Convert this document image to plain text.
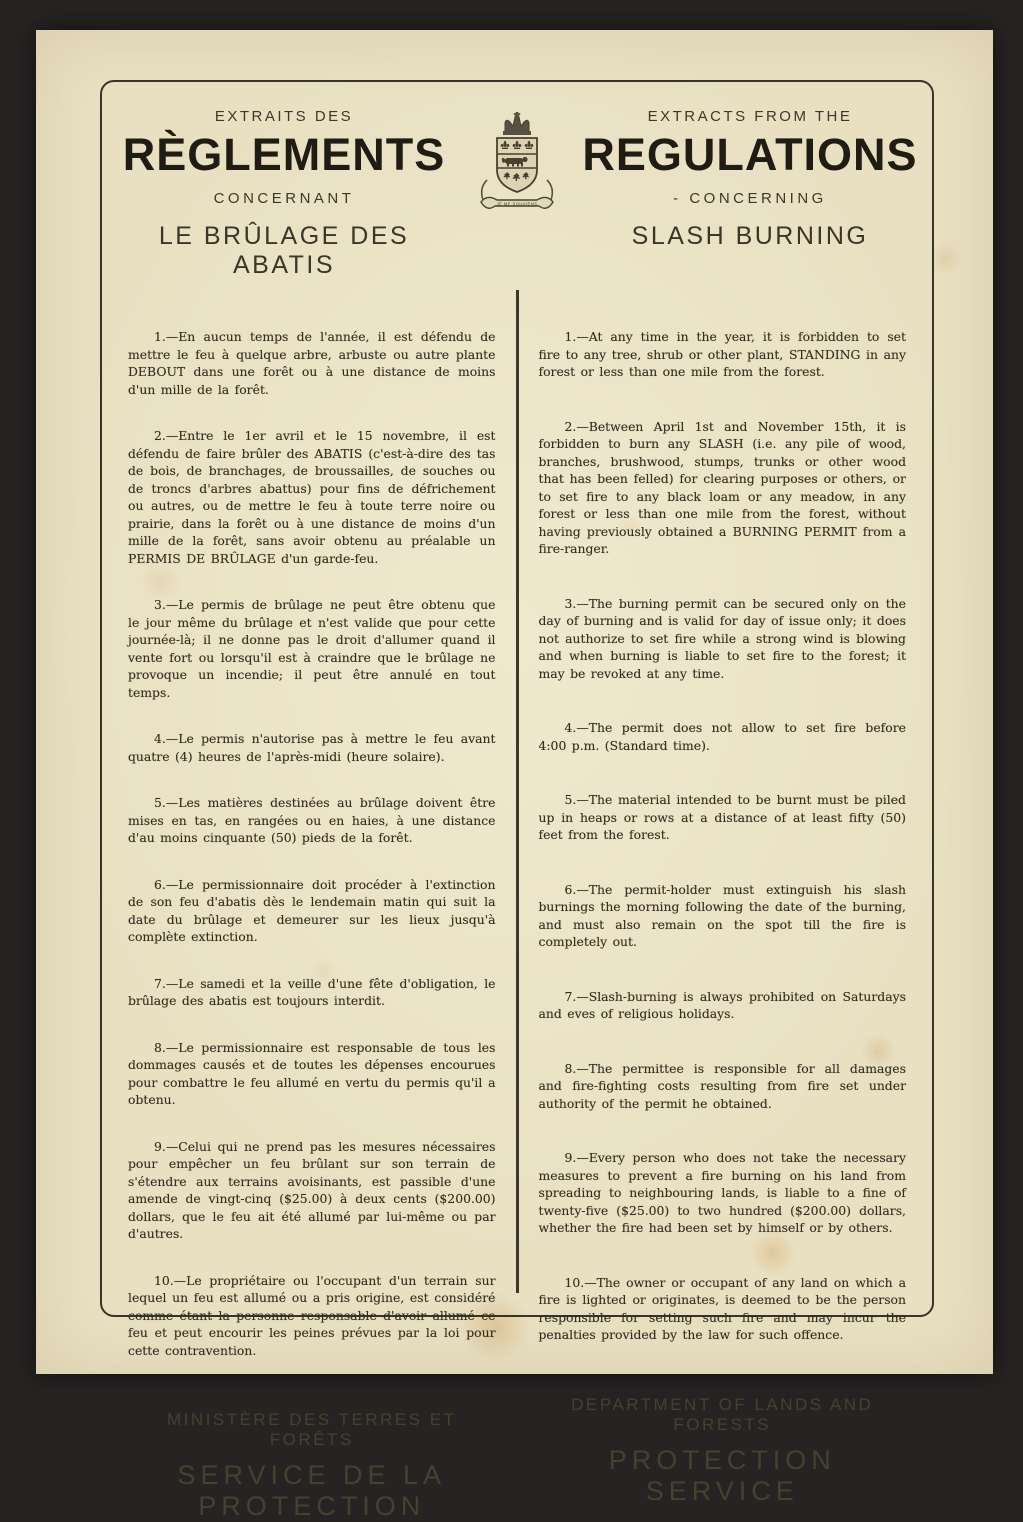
EXTRAITS DES
RÈGLEMENTS
CONCERNANT
LE BRÛLAGE DES ABATIS
JE ME SOUVIENS
EXTRACTS FROM THE
REGULATIONS
- CONCERNING
SLASH BURNING

1.—En aucun temps de l'année, il est défendu de mettre le feu à quelque arbre, arbuste ou autre plante DEBOUT dans une forêt ou à une distance de moins d'un mille de la forêt.

2.—Entre le 1er avril et le 15 novembre, il est défendu de faire brûler des ABATIS (c'est-à-dire des tas de bois, de branchages, de broussailles, de souches ou de troncs d'arbres abattus) pour fins de défrichement ou autres, ou de mettre le feu à toute terre noire ou prairie, dans la forêt ou à une distance de moins d'un mille de la forêt, sans avoir obtenu au préalable un PERMIS DE BRÛLAGE d'un garde-feu.

3.—Le permis de brûlage ne peut être obtenu que le jour même du brûlage et n'est valide que pour cette journée-là; il ne donne pas le droit d'allumer quand il vente fort ou lorsqu'il est à craindre que le brûlage ne provoque un incendie; il peut être annulé en tout temps.

4.—Le permis n'autorise pas à mettre le feu avant quatre (4) heures de l'après-midi (heure solaire).

5.—Les matières destinées au brûlage doivent être mises en tas, en rangées ou en haies, à une distance d'au moins cinquante (50) pieds de la forêt.

6.—Le permissionnaire doit procéder à l'extinction de son feu d'abatis dès le lendemain matin qui suit la date du brûlage et demeurer sur les lieux jusqu'à complète extinction.

7.—Le samedi et la veille d'une fête d'obligation, le brûlage des abatis est toujours interdit.

8.—Le permissionnaire est responsable de tous les dommages causés et de toutes les dépenses encourues pour combattre le feu allumé en vertu du permis qu'il a obtenu.

9.—Celui qui ne prend pas les mesures nécessaires pour empêcher un feu brûlant sur son terrain de s'étendre aux terrains avoisinants, est passible d'une amende de vingt-cinq ($25.00) à deux cents ($200.00) dollars, que le feu ait été allumé par lui-même ou par d'autres.

10.—Le propriétaire ou l'occupant d'un terrain sur lequel un feu est allumé ou a pris origine, est considéré comme étant la personne responsable d'avoir allumé ce feu et peut encourir les peines prévues par la loi pour cette contravention.

MINISTÈRE DES TERRES ET FORÊTS
SERVICE DE LA PROTECTION

1.—At any time in the year, it is forbidden to set fire to any tree, shrub or other plant, STANDING in any forest or less than one mile from the forest.

2.—Between April 1st and November 15th, it is forbidden to burn any SLASH (i.e. any pile of wood, branches, brushwood, stumps, trunks or other wood that has been felled) for clearing purposes or others, or to set fire to any black loam or any meadow, in any forest or less than one mile from the forest, without having previously obtained a BURNING PERMIT from a fire-ranger.

3.—The burning permit can be secured only on the day of burning and is valid for day of issue only; it does not authorize to set fire while a strong wind is blowing and when burning is liable to set fire to the forest; it may be revoked at any time.

4.—The permit does not allow to set fire before 4:00 p.m. (Standard time).

5.—The material intended to be burnt must be piled up in heaps or rows at a distance of at least fifty (50) feet from the forest.

6.—The permit-holder must extinguish his slash burnings the morning following the date of the burning, and must also remain on the spot till the fire is completely out.

7.—Slash-burning is always prohibited on Saturdays and eves of religious holidays.

8.—The permittee is responsible for all damages and fire-fighting costs resulting from fire set under authority of the permit he obtained.

9.—Every person who does not take the necessary measures to prevent a fire burning on his land from spreading to neighbouring lands, is liable to a fine of twenty-five ($25.00) to two hundred ($200.00) dollars, whether the fire had been set by himself or by others.

10.—The owner or occupant of any land on which a fire is lighted or originates, is deemed to be the person responsible for setting such fire and may incur the penalties provided by the law for such offence.

DEPARTMENT OF LANDS AND FORESTS
PROTECTION SERVICE
